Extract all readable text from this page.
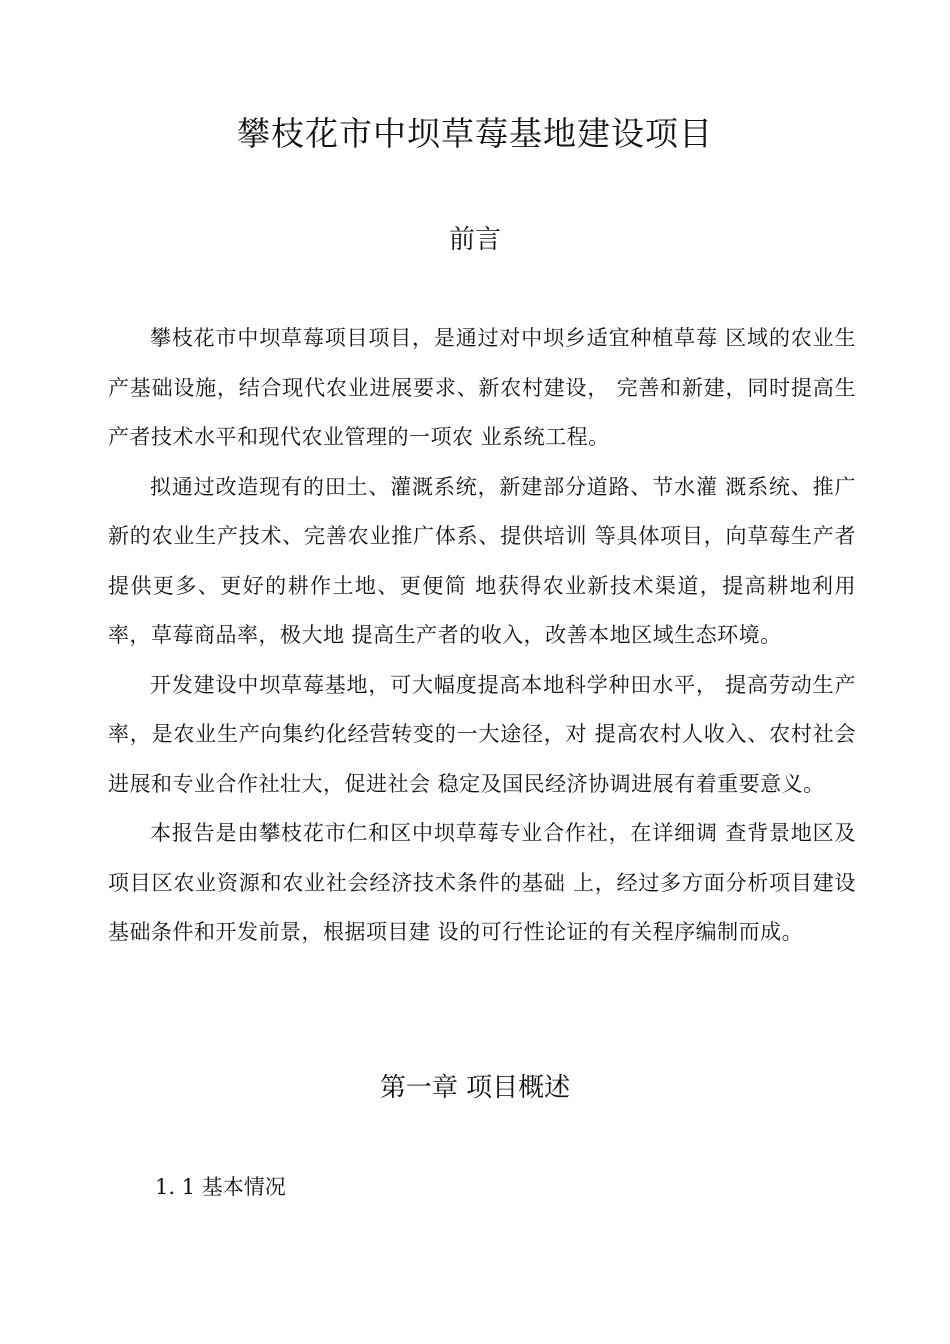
攀枝花市中坝草莓基地建设项目
前言

攀枝花市中坝草莓项目项目，是通过对中坝乡适宜种植草莓 区域的农业生产基础设施，结合现代农业进展要求、新农村建设， 完善和新建，同时提高生产者技术水平和现代农业管理的一项农 业系统工程。

拟通过改造现有的田土、灌溉系统，新建部分道路、节水灌 溉系统、推广新的农业生产技术、完善农业推广体系、提供培训 等具体项目，向草莓生产者提供更多、更好的耕作土地、更便简 地获得农业新技术渠道，提高耕地利用率，草莓商品率，极大地 提高生产者的收入，改善本地区域生态环境。

开发建设中坝草莓基地，可大幅度提高本地科学种田水平， 提高劳动生产率，是农业生产向集约化经营转变的一大途径，对 提高农村人收入、农村社会进展和专业合作社壮大，促进社会 稳定及国民经济协调进展有着重要意义。

本报告是由攀枝花市仁和区中坝草莓专业合作社，在详细调 查背景地区及项目区农业资源和农业社会经济技术条件的基础 上，经过多方面分析项目建设基础条件和开发前景，根据项目建 设的可行性论证的有关程序编制而成。

第一章 项目概述
1. 1 基本情况
